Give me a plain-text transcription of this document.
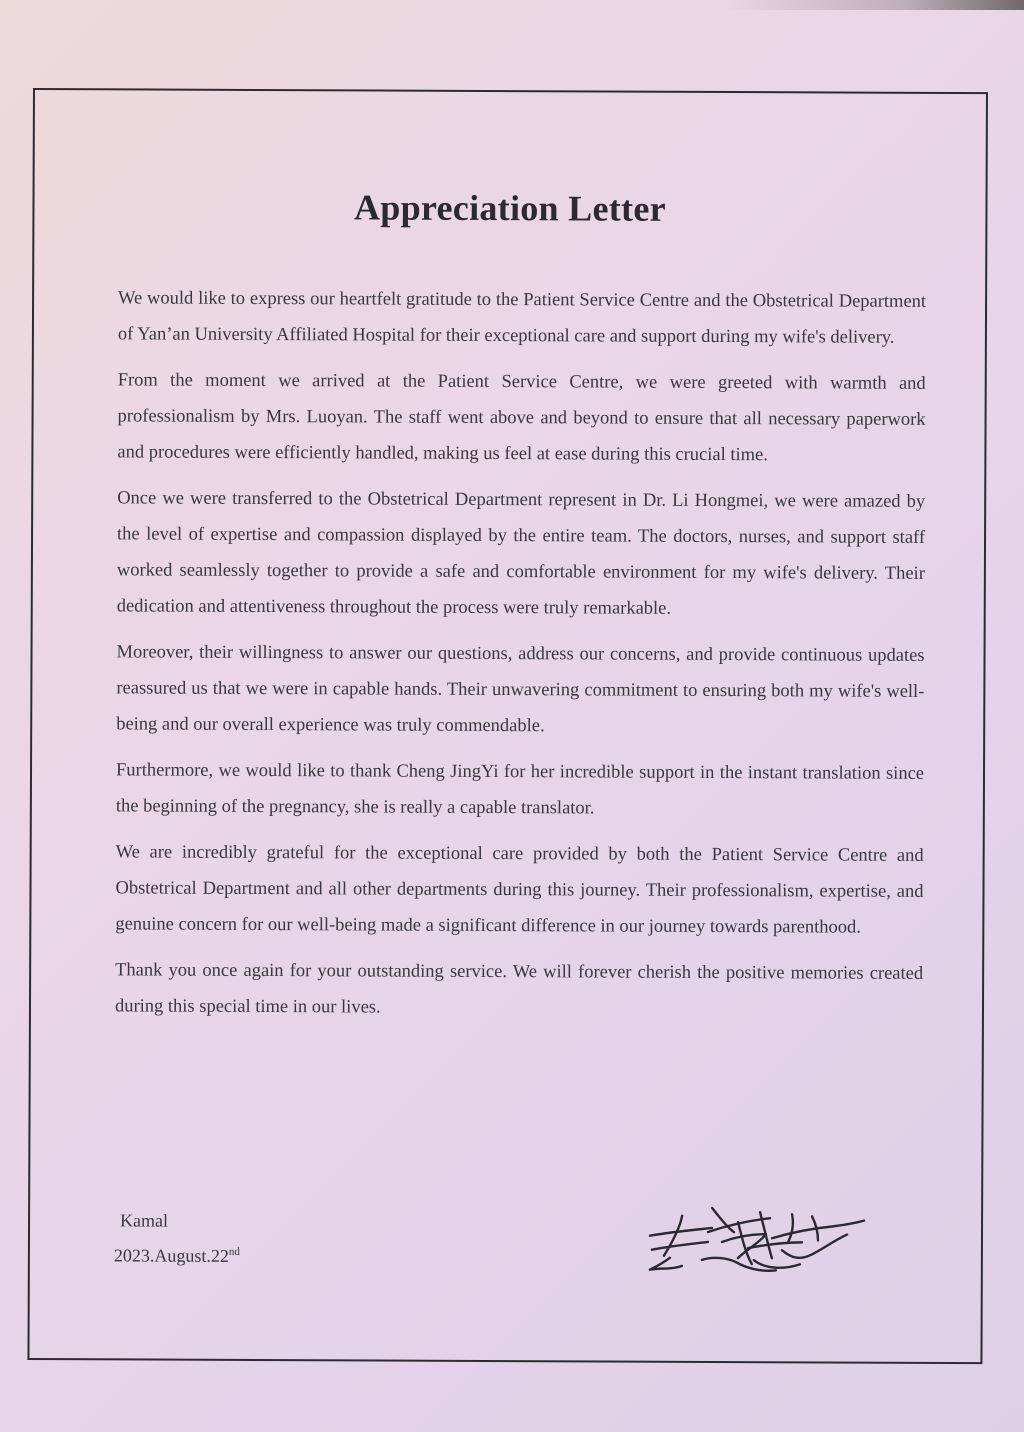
Appreciation Letter

We would like to express our heartfelt gratitude to the Patient Service Centre and the Obstetrical Department of Yan’an University Affiliated Hospital for their exceptional care and support during my wife's delivery.

From the moment we arrived at the Patient Service Centre, we were greeted with warmth and professionalism by Mrs. Luoyan. The staff went above and beyond to ensure that all necessary paperwork and procedures were efficiently handled, making us feel at ease during this crucial time.

Once we were transferred to the Obstetrical Department represent in Dr. Li Hongmei, we were amazed by the level of expertise and compassion displayed by the entire team. The doctors, nurses, and support staff worked seamlessly together to provide a safe and comfortable environment for my wife's delivery. Their dedication and attentiveness throughout the process were truly remarkable.

Moreover, their willingness to answer our questions, address our concerns, and provide continuous updates reassured us that we were in capable hands. Their unwavering commitment to ensuring both my wife's well-being and our overall experience was truly commendable.

Furthermore, we would like to thank Cheng JingYi for her incredible support in the instant translation since the beginning of the pregnancy, she is really a capable translator.

We are incredibly grateful for the exceptional care provided by both the Patient Service Centre and Obstetrical Department and all other departments during this journey. Their professionalism, expertise, and genuine concern for our well-being made a significant difference in our journey towards parenthood.

Thank you once again for your outstanding service. We will forever cherish the positive memories created during this special time in our lives.

Kamal
2023.August.22nd
